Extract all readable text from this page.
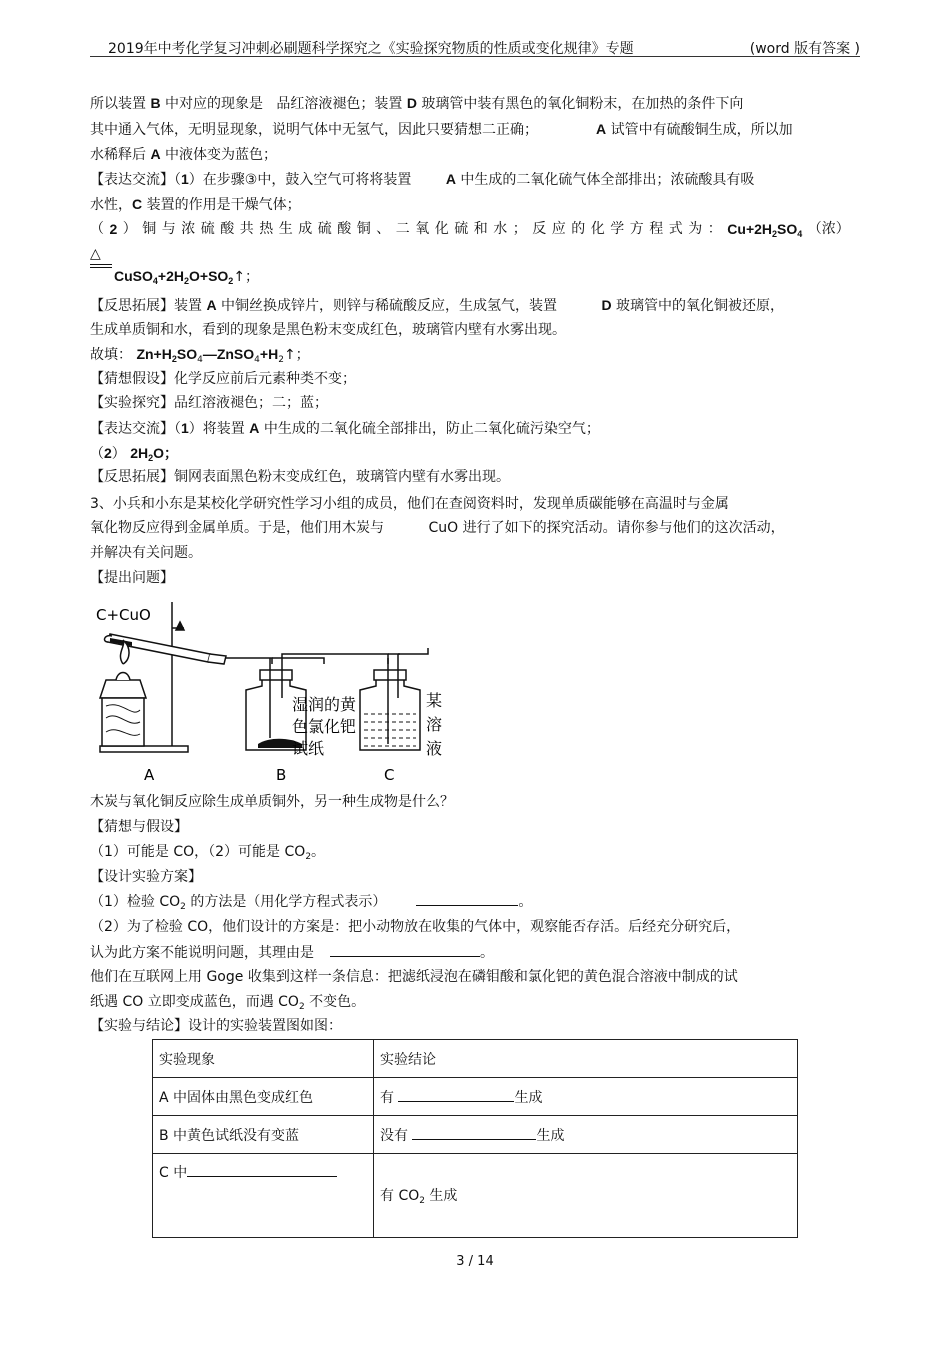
2019年中考化学复习冲刺必刷题科学探究之《实验探究物质的性质或变化规律》专题	(word 版有答案 )
所以装置 B 中对应的现象是   品红溶液褪色；装置 D 玻璃管中装有黑色的氧化铜粉末，在加热的条件下向
其中通入气体，无明显现象，说明气体中无氢气，因此只要猜想二正确；	A 试管中有硫酸铜生成，所以加
水稀释后 A 中液体变为蓝色；
【表达交流】（1）在步骤③中，鼓入空气可将将装置 A 中生成的二氧化硫气体全部排出；浓硫酸具有吸
水性，C 装置的作用是干燥气体；
（ 2 ） 铜 与 浓 硫 酸 共 热 生 成 硫 酸 铜 、 二 氧 化 硫 和 水 ； 反 应 的 化 学 方 程 式 为 ： $Cu+2H_2SO_4$ （浓）
△
$CuSO_4+2H_2O+SO_2↑$；
【反思拓展】装置 A 中铜丝换成锌片，则锌与稀硫酸反应，生成氢气，装置	D 玻璃管中的氧化铜被还原，
生成单质铜和水，看到的现象是黑色粉末变成红色，玻璃管内壁有水雾出现。
故填： $Zn+H_2SO_4—ZnSO_4+H_2↑$；
【猜想假设】化学反应前后元素种类不变；
【实验探究】品红溶液褪色；二；蓝；
【表达交流】（1）将装置 A 中生成的二氧化硫全部排出，防止二氧化硫污染空气；
（2） $2H_2O$；
【反思拓展】铜网表面黑色粉末变成红色，玻璃管内壁有水雾出现。
3、小兵和小东是某校化学研究性学习小组的成员，他们在查阅资料时，发现单质碳能够在高温时与金属
氧化物反应得到金属单质。于是，他们用木炭与	CuO 进行了如下的探究活动。请你参与他们的这次活动，
并解决有关问题。
【提出问题】
C+CuO
湿润的黄
色氯化钯
试纸
某
溶
液
A	B	C
木炭与氧化铜反应除生成单质铜外，另一种生成物是什么？
【猜想与假设】
（1）可能是 CO，（2）可能是 $CO_2$。
【设计实验方案】
（1）检验 $CO_2$ 的方法是（用化学方程式表示）	。
（2）为了检验 CO，他们设计的方案是：把小动物放在收集的气体中，观察能否存活。后经充分研究后，
认为此方案不能说明问题，其理由是	。
他们在互联网上用 Goge 收集到这样一条信息：把滤纸浸泡在磷钼酸和氯化钯的黄色混合溶液中制成的试
纸遇 CO 立即变成蓝色，而遇 $CO_2$ 不变色。
【实验与结论】设计的实验装置图如图：
实验现象	实验结论
A 中固体由黑色变成红色	有 生成
B 中黄色试纸没有变蓝	没有 生成
C 中	有 $CO_2$ 生成
3 / 14
